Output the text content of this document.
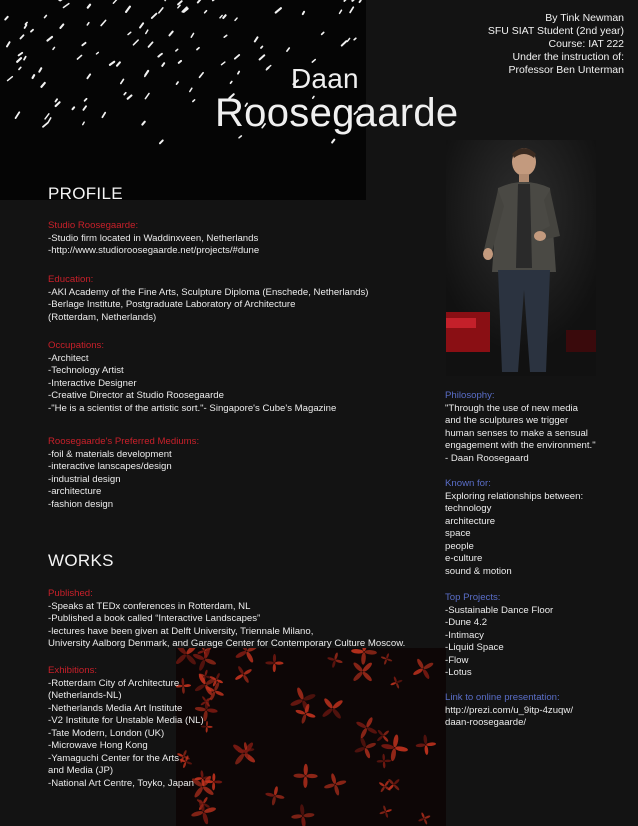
By Tink Newman
SFU SIAT Student (2nd year)
Course: IAT 222
Under the instruction of:
Professor Ben Unterman
Daan
Roosegaarde
PROFILE
Studio Roosegaarde:
-Studio firm located in Waddinxveen, Netherlands
-http://www.studioroosegaarde.net/projects/#dune
Education:
-AKI Academy of the Fine Arts, Sculpture Diploma (Enschede, Netherlands)
-Berlage Institute, Postgraduate Laboratory of Architecture
(Rotterdam, Netherlands)
Occupations:
-Architect
-Technology Artist
-Interactive Designer
-Creative Director at Studio Roosegaarde
-"He is a scientist of the artistic sort."- Singapore's Cube's Magazine
Roosegaarde's Preferred Mediums:
-foil & materials development
-interactive lanscapes/design
-industrial design
-architecture
-fashion design
WORKS
Published:
-Speaks at TEDx conferences in Rotterdam, NL
-Published a book called “Interactive Landscapes”
-lectures have been given at Delft University, Triennale Milano,
University Aalborg Denmark, and Garage Center for Contemporary Culture Moscow.
Exhibitions:
-Rotterdam City of Architecture
(Netherlands-NL)
-Netherlands Media Art Institute
-V2 Institute for Unstable Media (NL)
-Tate Modern, London (UK)
-Microwave Hong Kong
-Yamaguchi Center for the Arts
and Media (JP)
-National Art Centre, Toyko, Japan
Philosophy:
"Through the use of new media
and the sculptures we trigger
human senses to make a sensual
engagement with the environment."
- Daan Roosegaard
Known for:
Exploring relationships between:
technology
architecture
space
people
e-culture
sound & motion
Top Projects:
-Sustainable Dance Floor
-Dune 4.2
-Intimacy
-Liquid Space
-Flow
-Lotus
Link to online presentation:
http://prezi.com/u_9itp-4zuqw/
daan-roosegaarde/
